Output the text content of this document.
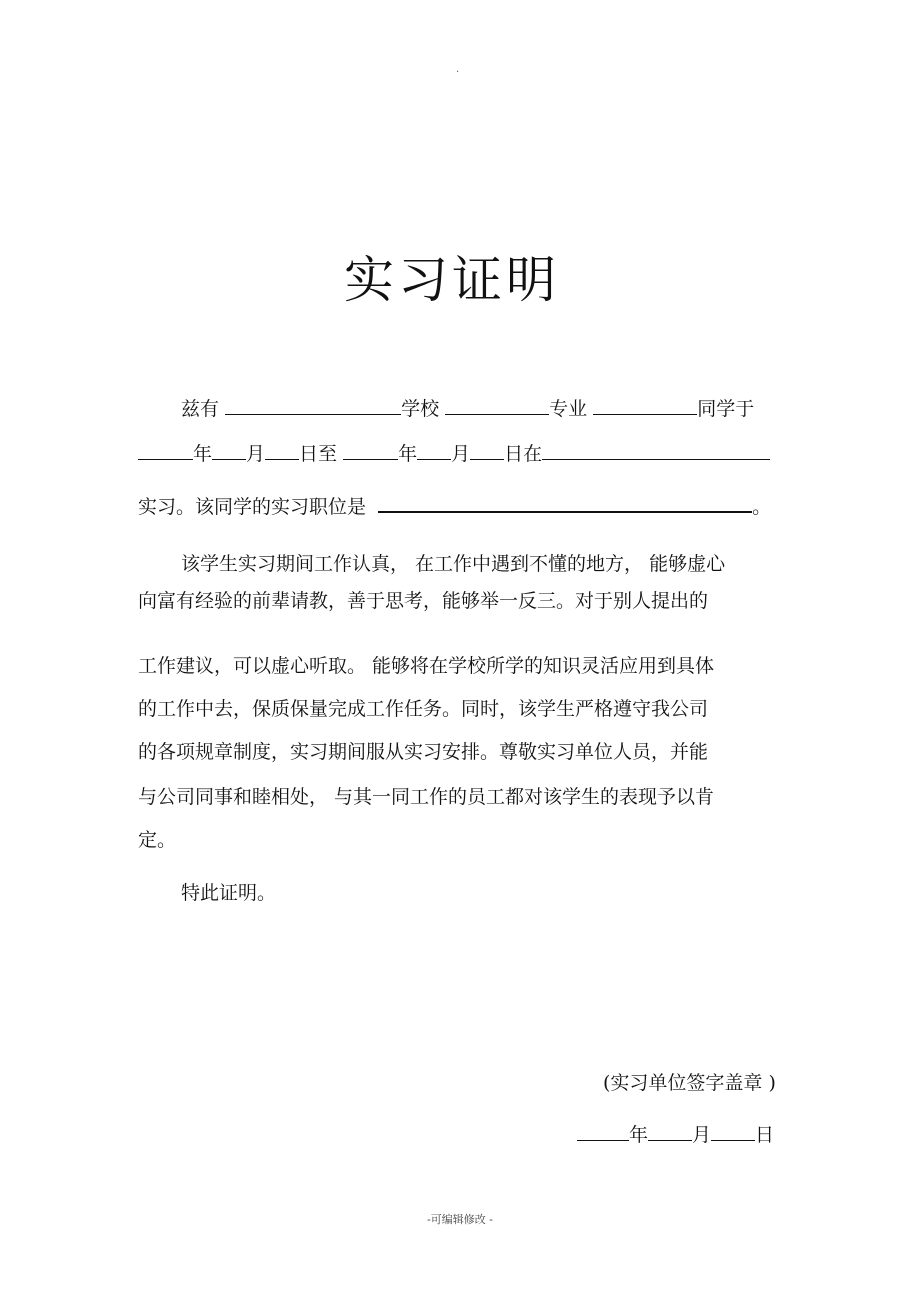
.
实习证明
兹有	学校	专业	同学于
年 月 日至	年 月 日在
实习。该同学的实习职位是	。
该学生实习期间工作认真， 在工作中遇到不懂的地方， 能够虚心
向富有经验的前辈请教，善于思考，能够举一反三。对于别人提出的
工作建议，可以虚心听取。 能够将在学校所学的知识灵活应用到具体
的工作中去，保质保量完成工作任务。同时，该学生严格遵守我公司
的各项规章制度，实习期间服从实习安排。尊敬实习单位人员，并能
与公司同事和睦相处， 与其一同工作的员工都对该学生的表现予以肯
定。
特此证明。
(实习单位签字盖章 )
年 月 日
-可编辑修改 -
